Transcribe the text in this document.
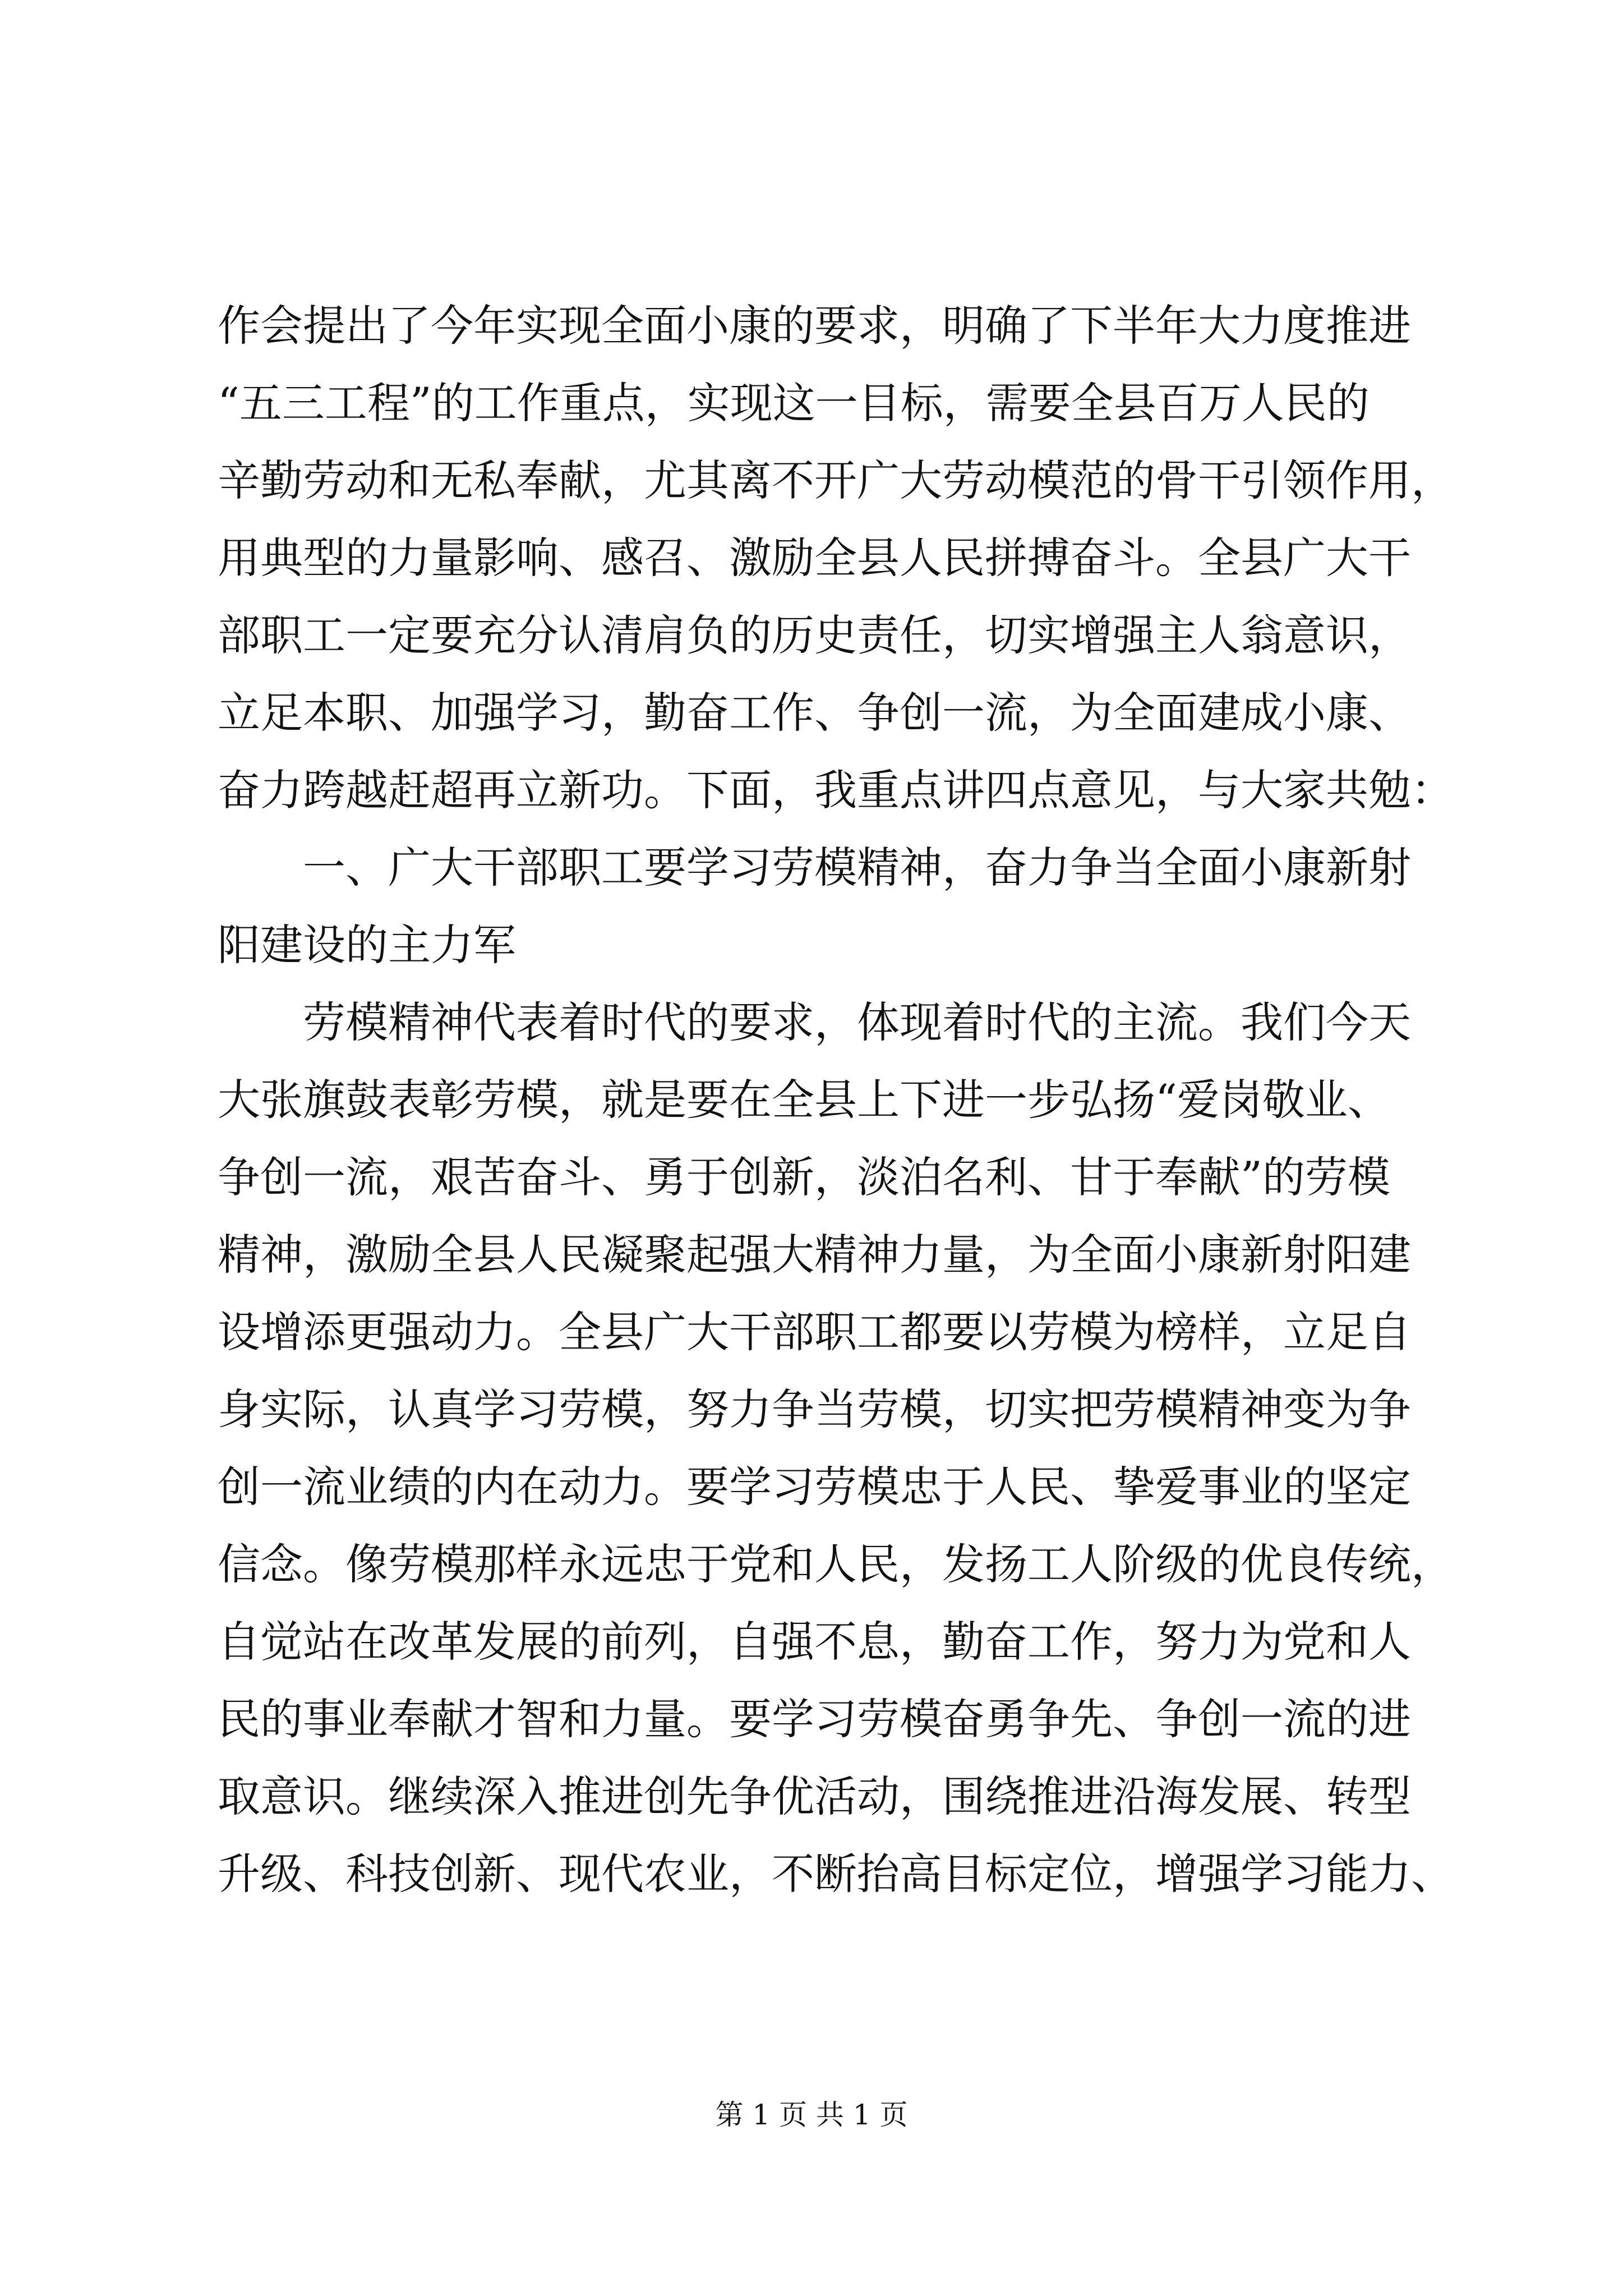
作会提出了今年实现全面小康的要求，明确了下半年大力度推进
“五三工程”的工作重点，实现这一目标，需要全县百万人民的
辛勤劳动和无私奉献，尤其离不开广大劳动模范的骨干引领作用，
用典型的力量影响、感召、激励全县人民拼搏奋斗。全县广大干
部职工一定要充分认清肩负的历史责任，切实增强主人翁意识，
立足本职、加强学习，勤奋工作、争创一流，为全面建成小康、
奋力跨越赶超再立新功。下面，我重点讲四点意见，与大家共勉：
一、广大干部职工要学习劳模精神，奋力争当全面小康新射
阳建设的主力军
劳模精神代表着时代的要求，体现着时代的主流。我们今天
大张旗鼓表彰劳模，就是要在全县上下进一步弘扬“爱岗敬业、
争创一流，艰苦奋斗、勇于创新，淡泊名利、甘于奉献”的劳模
精神，激励全县人民凝聚起强大精神力量，为全面小康新射阳建
设增添更强动力。全县广大干部职工都要以劳模为榜样，立足自
身实际，认真学习劳模，努力争当劳模，切实把劳模精神变为争
创一流业绩的内在动力。要学习劳模忠于人民、挚爱事业的坚定
信念。像劳模那样永远忠于党和人民，发扬工人阶级的优良传统，
自觉站在改革发展的前列，自强不息，勤奋工作，努力为党和人
民的事业奉献才智和力量。要学习劳模奋勇争先、争创一流的进
取意识。继续深入推进创先争优活动，围绕推进沿海发展、转型
升级、科技创新、现代农业，不断抬高目标定位，增强学习能力、
第 1 页 共 1 页
